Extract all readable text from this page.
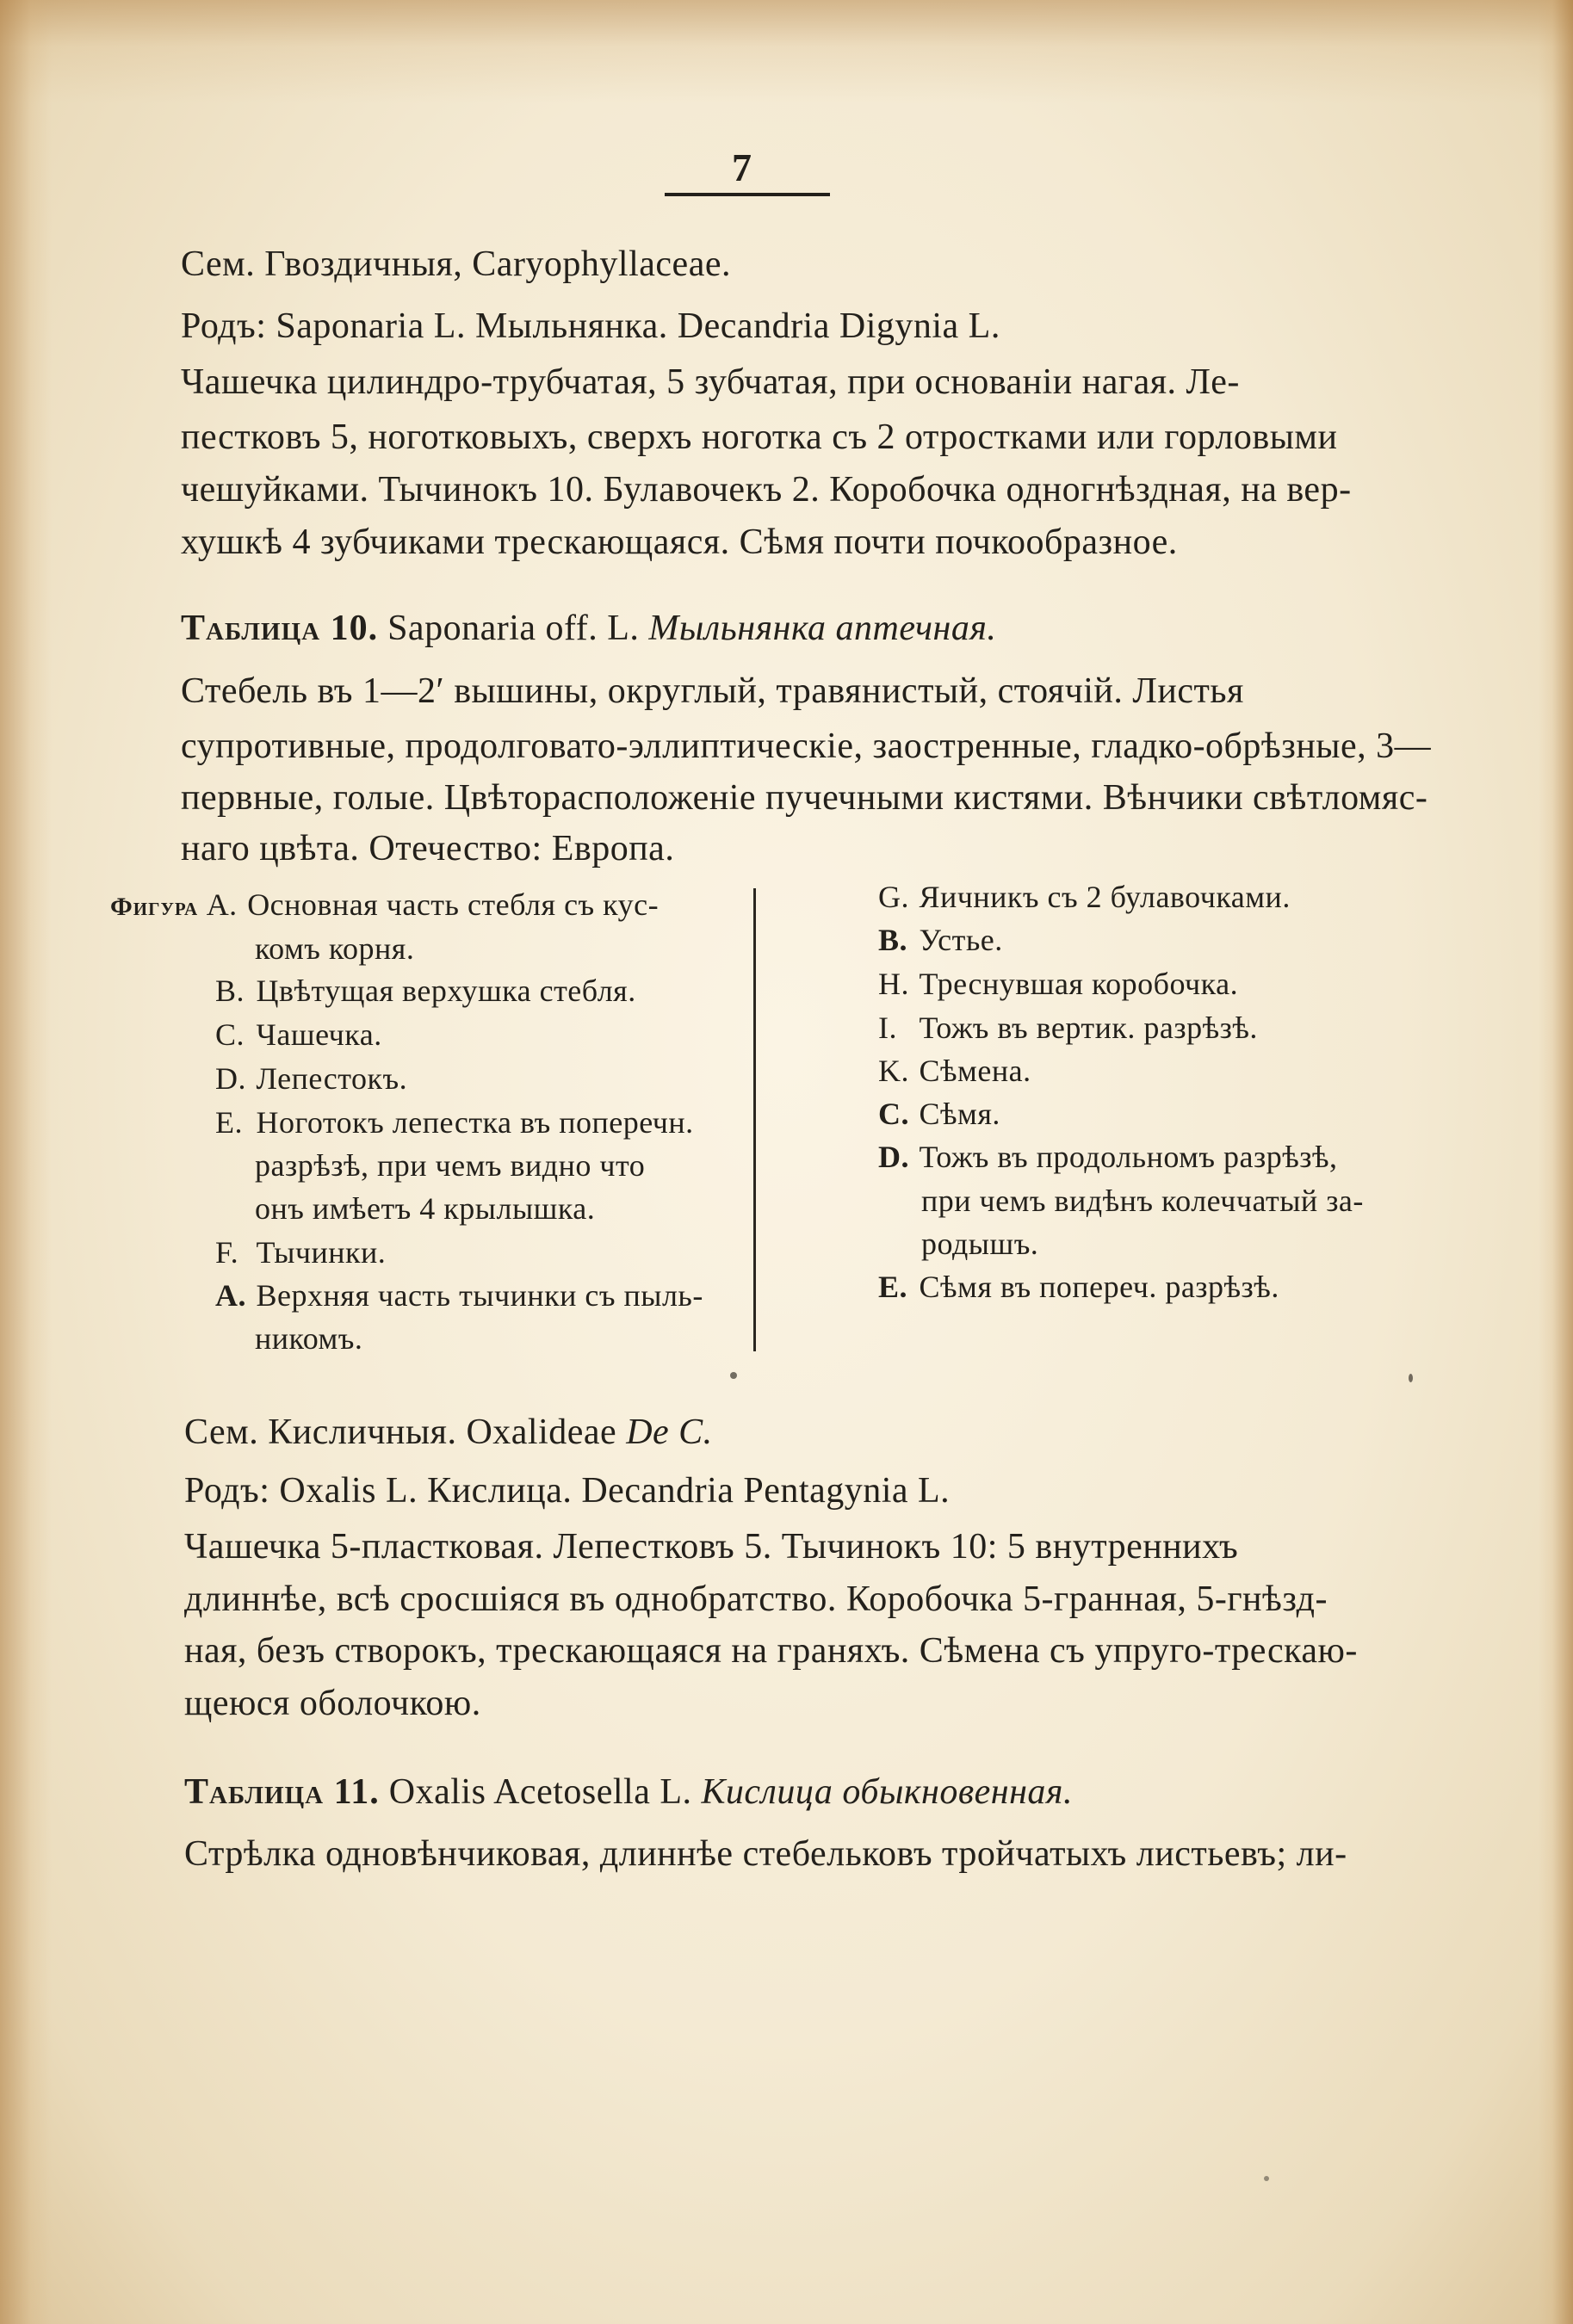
7
Сем. Гвоздичныя, Caryophyllaceae.
Родъ: Saponaria L. Мыльнянка. Decandria Digynia L.
Чашечка цилиндро-трубчатая, 5 зубчатая, при основаніи нагая. Ле-
пестковъ 5, ноготковыхъ, сверхъ ноготка съ 2 отростками или горловыми
чешуйками. Тычинокъ 10. Булавочекъ 2. Коробочка одногнѣздная, на вер-
хушкѣ 4 зубчиками трескающаяся. Сѣмя почти почкообразное.
Таблица 10. Saponaria off. L. Мыльнянка аптечная.
Стебель въ 1—2′ вышины, округлый, травянистый, стоячій. Листья
супротивные, продолговато-эллиптическіе, заостренные, гладко-обрѣзные, 3—
первные, голые. Цвѣторасположеніе пучечными кистями. Вѣнчики свѣтломяс-
наго цвѣта. Отечество: Европа.
Фигура A. Основная часть стебля съ кус-
комъ корня.
B. Цвѣтущая верхушка стебля.
C. Чашечка.
D. Лепестокъ.
E. Ноготокъ лепестка въ поперечн.
разрѣзѣ, при чемъ видно что
онъ имѣетъ 4 крылышка.
F. Тычинки.
A. Верхняя часть тычинки съ пыль-
никомъ.
G. Яичникъ съ 2 булавочками.
B. Устье.
H. Треснувшая коробочка.
I. Тожъ въ вертик. разрѣзѣ.
K. Сѣмена.
C. Сѣмя.
D. Тожъ въ продольномъ разрѣзѣ,
при чемъ видѣнъ колеччатый за-
родышъ.
E. Сѣмя въ попереч. разрѣзѣ.
Сем. Кисличныя. Oxalideae De C.
Родъ: Oxalis L. Кислица. Decandria Pentagynia L.
Чашечка 5-пластковая. Лепестковъ 5. Тычинокъ 10: 5 внутреннихъ
длиннѣе, всѣ сросшіяся въ однобратство. Коробочка 5-гранная, 5-гнѣзд-
ная, безъ створокъ, трескающаяся на граняхъ. Сѣмена съ упруго-трескаю-
щеюся оболочкою.
Таблица 11. Oxalis Acetosella L. Кислица обыкновенная.
Стрѣлка одновѣнчиковая, длиннѣе стебельковъ тройчатыхъ листьевъ; ли-
